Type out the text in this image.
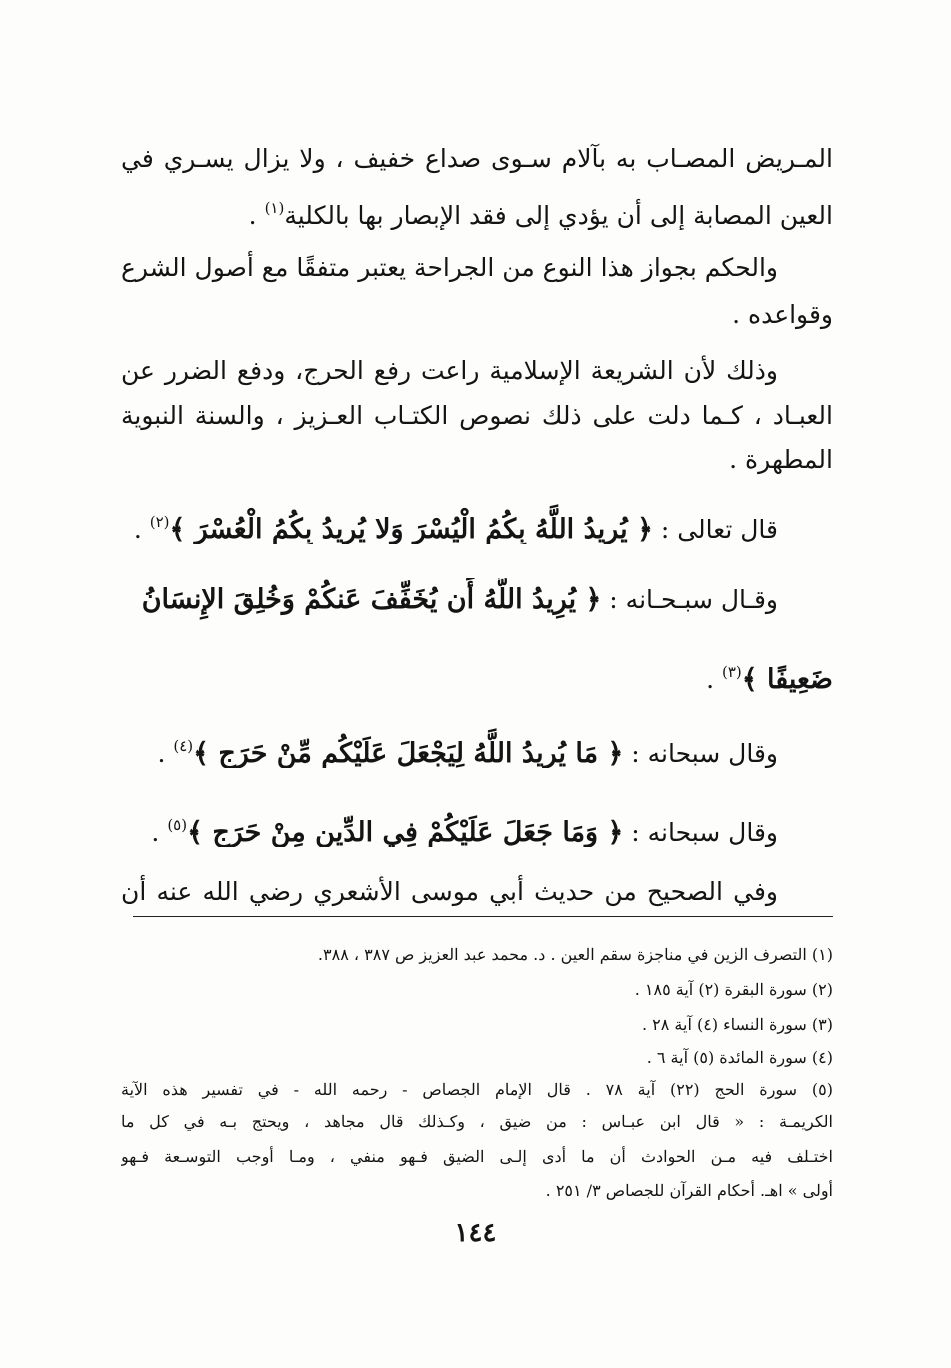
المـريض المصـاب به بآلام سـوى صداع خفيف ، ولا يزال يسـري في
العين المصابة إلى أن يؤدي إلى فقد الإبصار بها بالكلية$^{(١)}$ .
والحكم بجواز هذا النوع من الجراحة يعتبر متفقًا مع أصول الشرع
وقواعده .
وذلك لأن الشريعة الإسلامية راعت رفع الحرج، ودفع الضرر عن
العبـاد ، كـما دلت على ذلك نصوص الكتـاب العـزيز ، والسنة النبوية
المطهرة .
قال تعالى : ﴿ يُرِيدُ اللَّهُ بِكُمُ الْيُسْرَ وَلا يُرِيدُ بِكُمُ الْعُسْرَ ﴾$^{(٢)}$ .
وقـال سبـحـانه : ﴿ يُرِيدُ اللَّهُ أَن يُخَفِّفَ عَنكُمْ وَخُلِقَ الإِنسَانُ
ضَعِيفًا ﴾$^{(٣)}$ .
وقال سبحانه : ﴿ مَا يُرِيدُ اللَّهُ لِيَجْعَلَ عَلَيْكُم مِّنْ حَرَجٍ ﴾$^{(٤)}$ .
وقال سبحانه : ﴿ وَمَا جَعَلَ عَلَيْكُمْ فِي الدِّينِ مِنْ حَرَجٍ ﴾$^{(٥)}$ .
وفي الصحيح من حديث أبي موسى الأشعري رضي الله عنه أن
(١) التصرف الزين في مناجزة سقم العين . د. محمد عبد العزيز ص ٣٨٧ ، ٣٨٨.
(٢) سورة البقرة (٢) آية ١٨٥ .
(٣) سورة النساء (٤) آية ٢٨ .
(٤) سورة المائدة (٥) آية ٦ .
(٥) سورة الحج (٢٢) آية ٧٨ . قال الإمام الجصاص - رحمه الله - في تفسير هذه الآية
الكريمـة : « قال ابن عبـاس : من ضيق ، وكـذلك قال مجاهد ، ويحتج بـه في كل ما
اختـلف فيه مـن الحوادث أن ما أدى إلـى الضيق فـهو منفي ، ومـا أوجب التوسـعة فـهو
أولى » اهـ. أحكام القرآن للجصاص ٣/ ٢٥١ .
١٤٤
